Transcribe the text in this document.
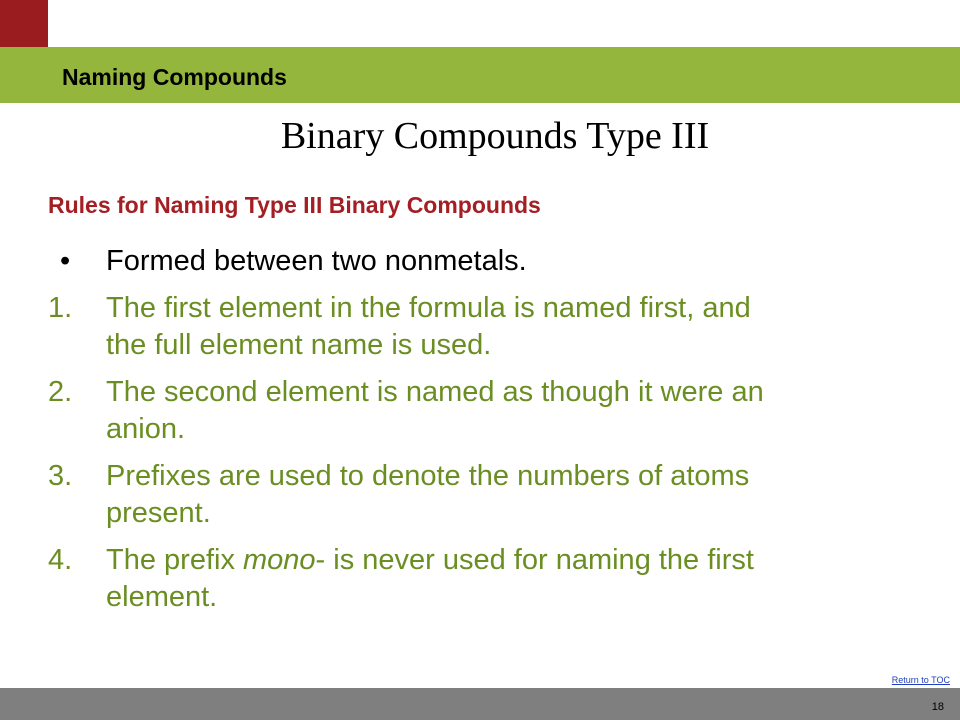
Naming Compounds
Binary Compounds Type III
Rules for Naming Type III Binary Compounds
•	Formed between two nonmetals.
1.	The first element in the formula is named first, and the full element name is used.
2.	The second element is named as though it were an anion.
3.	Prefixes are used to denote the numbers of atoms present.
4.	The prefix mono- is never used for naming the first element.
Return to TOC
18
